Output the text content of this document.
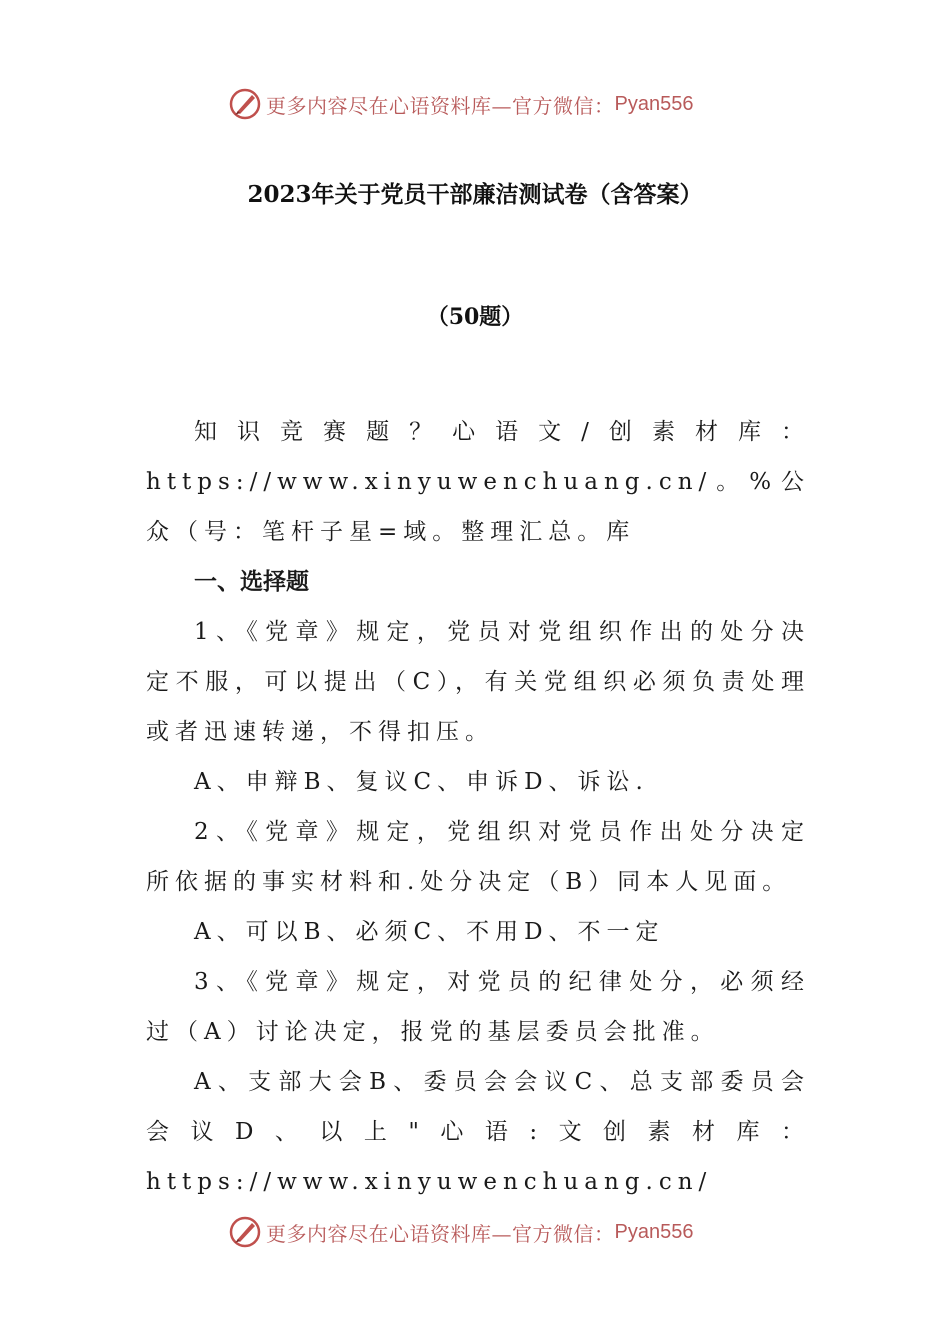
更多内容尽在心语资料库—官方微信： Pyan556
2023年关于党员干部廉洁测试卷（含答案）
（50题）

知识竞赛题？心语文/创素材库：https://www.xinyuwenchuang.cn/。%公众（号：笔杆子星=域。整理汇总。库

一、选择题

1、《党章》规定，党员对党组织作出的处分决定不服，可以提出（C），有关党组织必须负责处理或者迅速转递，不得扣压。

A、申辩B、复议C、申诉D、诉讼.

2、《党章》规定，党组织对党员作出处分决定所依据的事实材料和.处分决定（B）同本人见面。

A、可以B、必须C、不用D、不一定

3、《党章》规定，对党员的纪律处分，必须经过（A）讨论决定，报党的基层委员会批准。

A、支部大会B、委员会会议C、总支部委员会会议D、以上"心语:文创素材库：https://www.xinyuwenchuang.cn/

更多内容尽在心语资料库—官方微信： Pyan556
